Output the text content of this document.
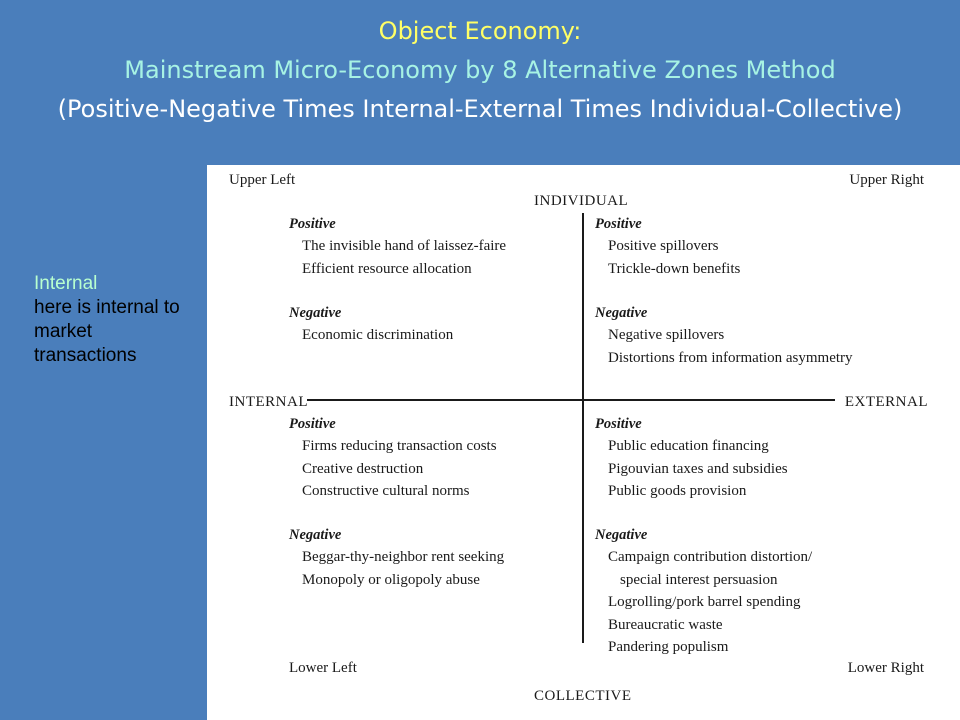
Object Economy:
Mainstream Micro-Economy by 8 Alternative Zones Method
(Positive-Negative Times Internal-External Times Individual-Collective)
Internal
here is internal to market transactions
Upper Left	Upper Right
INDIVIDUAL
INTERNAL	EXTERNAL
Lower Left	Lower Right
COLLECTIVE
Positive
The invisible hand of laissez-faire
Efficient resource allocation
Negative
Economic discrimination
Positive
Positive spillovers
Trickle-down benefits
Negative
Negative spillovers
Distortions from information asymmetry
Positive
Firms reducing transaction costs
Creative destruction
Constructive cultural norms
Negative
Beggar-thy-neighbor rent seeking
Monopoly or oligopoly abuse
Positive
Public education financing
Pigouvian taxes and subsidies
Public goods provision
Negative
Campaign contribution distortion/
special interest persuasion
Logrolling/pork barrel spending
Bureaucratic waste
Pandering populism
